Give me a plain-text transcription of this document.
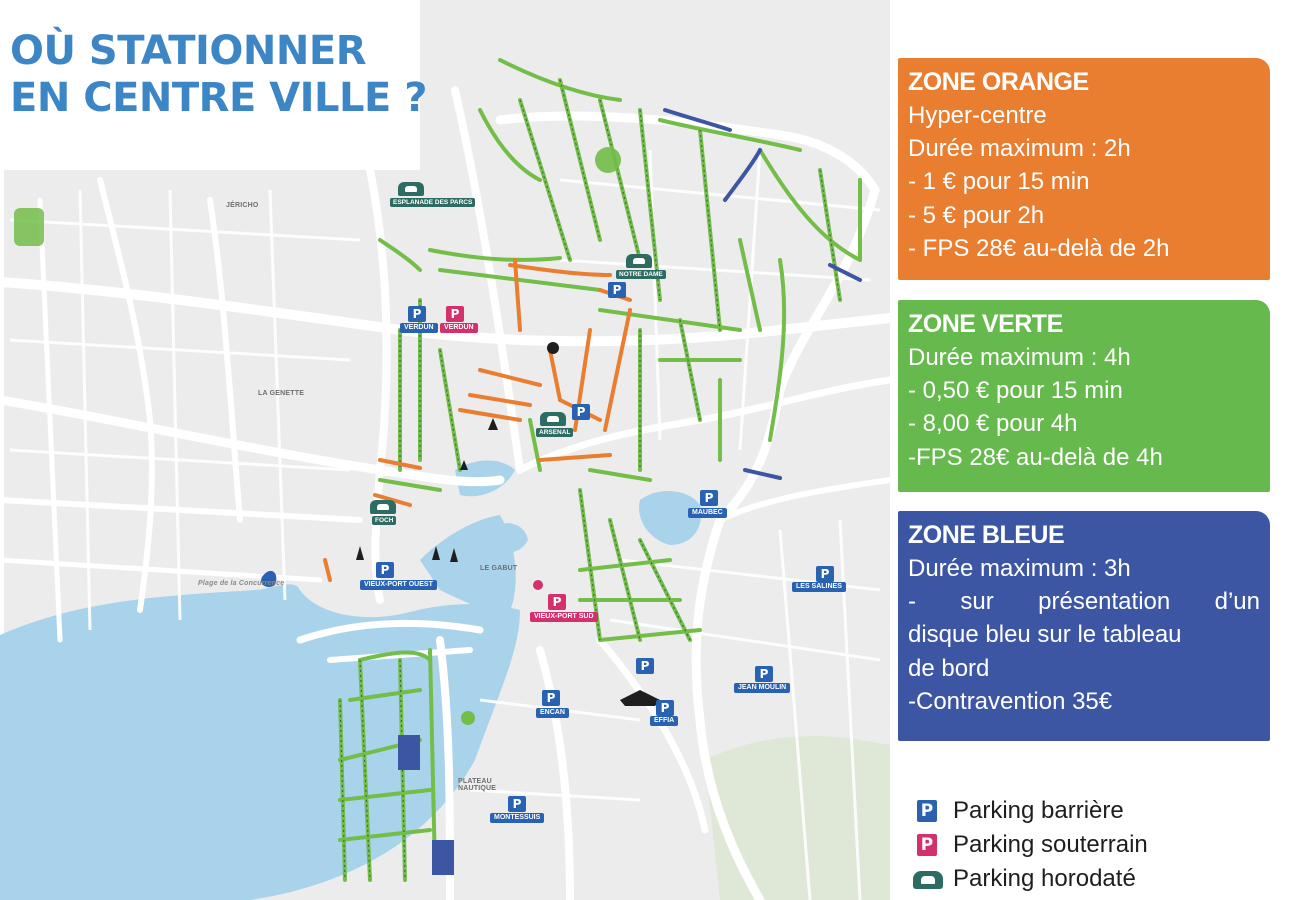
JÉRICHO
LA GENETTE
LE GABUT
PLATEAU NAUTIQUE
Plage de la Concurrence
P
VERDUN
P
VERDUN
P
P
P
VIEUX-PORT OUEST
P
MAUBEC
P
LES SALINES
P
VIEUX-PORT SUD
P
ENCAN
P
P
EFFIA
P
JEAN MOULIN
P
MONTESSUIS
ESPLANADE DES PARCS
NOTRE DAME
ARSENAL
FOCH
OÙ STATIONNER
EN CENTRE VILLE ?	ZONE ORANGE
Hyper-centre
Durée maximum : 2h
- 1 € pour 15 min
- 5 € pour 2h
- FPS 28€ au-delà de 2h
ZONE VERTE
Durée maximum : 4h
- 0,50 € pour 15 min
- 8,00 € pour 4h
-FPS 28€ au-delà de 4h
ZONE BLEUE
Durée maximum : 3h
- sur présentation d’un
disque bleu sur le tableau
de bord
-Contravention 35€
P Parking barrière
P Parking souterrain
Parking horodaté
